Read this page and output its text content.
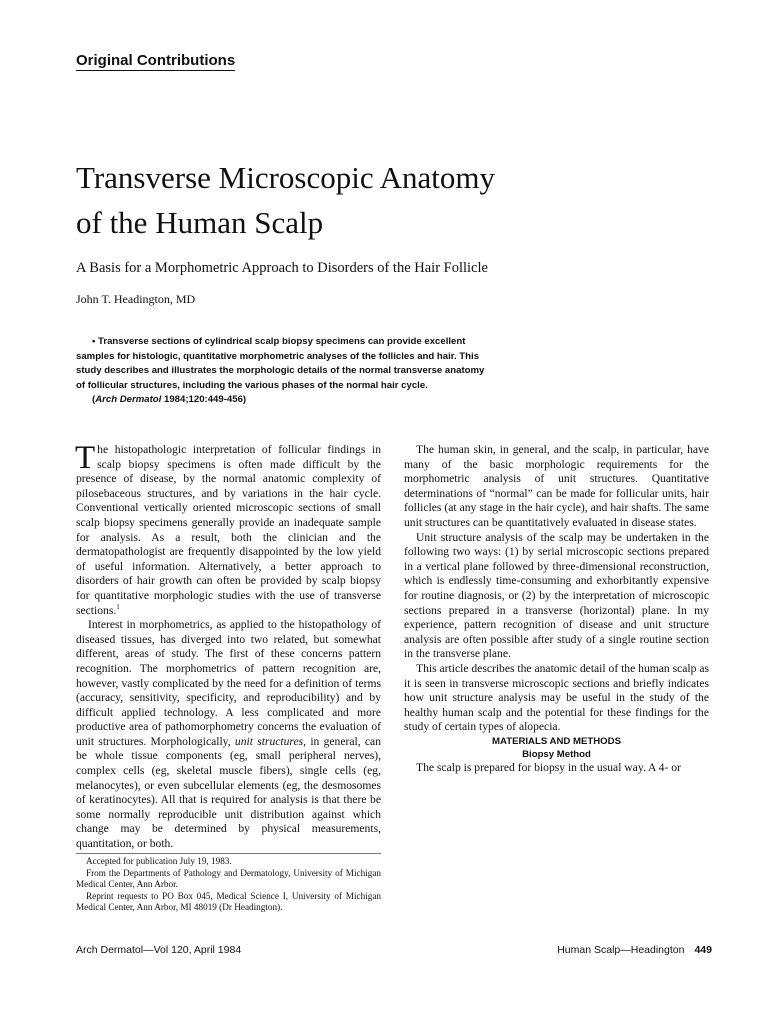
Original Contributions
Transverse Microscopic Anatomy
of the Human Scalp

A Basis for a Morphometric Approach to Disorders of the Hair Follicle

John T. Headington, MD

• Transverse sections of cylindrical scalp biopsy specimens can provide excellent samples for histologic, quantitative morphometric analyses of the follicles and hair. This study describes and illustrates the morphologic details of the normal transverse anatomy of follicular structures, including the various phases of the normal hair cycle.
(Arch Dermatol 1984;120:449-456)

The histopathologic interpretation of follicular findings in scalp biopsy specimens is often made difficult by the presence of disease, by the normal anatomic complexity of pilosebaceous structures, and by variations in the hair cycle. Conventional vertically oriented microscopic sections of small scalp biopsy specimens generally provide an inadequate sample for analysis. As a result, both the clinician and the dermatopathologist are frequently disappointed by the low yield of useful information. Alternatively, a better approach to disorders of hair growth can often be provided by scalp biopsy for quantitative morphologic studies with the use of transverse sections.$^1$

Interest in morphometrics, as applied to the histopathology of diseased tissues, has diverged into two related, but somewhat different, areas of study. The first of these concerns pattern recognition. The morphometrics of pattern recognition are, however, vastly complicated by the need for a definition of terms (accuracy, sensitivity, specificity, and reproducibility) and by difficult applied technology. A less complicated and more productive area of pathomorphometry concerns the evaluation of unit structures. Morphologically, unit structures, in general, can be whole tissue components (eg, small peripheral nerves), complex cells (eg, skeletal muscle fibers), single cells (eg, melanocytes), or even subcellular elements (eg, the desmosomes of keratinocytes). All that is required for analysis is that there be some normally reproducible unit distribution against which change may be determined by physical measurements, quantitation, or both.

The human skin, in general, and the scalp, in particular, have many of the basic morphologic requirements for the morphometric analysis of unit structures. Quantitative determinations of “normal” can be made for follicular units, hair follicles (at any stage in the hair cycle), and hair shafts. The same unit structures can be quantitatively evaluated in disease states.

Unit structure analysis of the scalp may be undertaken in the following two ways: (1) by serial microscopic sections prepared in a vertical plane followed by three-dimensional reconstruction, which is endlessly time-consuming and exhorbitantly expensive for routine diagnosis, or (2) by the interpretation of microscopic sections prepared in a transverse (horizontal) plane. In my experience, pattern recognition of disease and unit structure analysis are often possible after study of a single routine section in the transverse plane.

This article describes the anatomic detail of the human scalp as it is seen in transverse microscopic sections and briefly indicates how unit structure analysis may be useful in the study of the healthy human scalp and the potential for these findings for the study of certain types of alopecia.

MATERIALS AND METHODS

Biopsy Method

The scalp is prepared for biopsy in the usual way. A 4- or

Accepted for publication July 19, 1983.

From the Departments of Pathology and Dermatology, University of Michigan Medical Center, Ann Arbor.

Reprint requests to PO Box 045, Medical Science I, University of Michigan Medical Center, Ann Arbor, MI 48019 (Dr Headington).

Arch Dermatol—Vol 120, April 1984	Human Scalp—Headington 449
